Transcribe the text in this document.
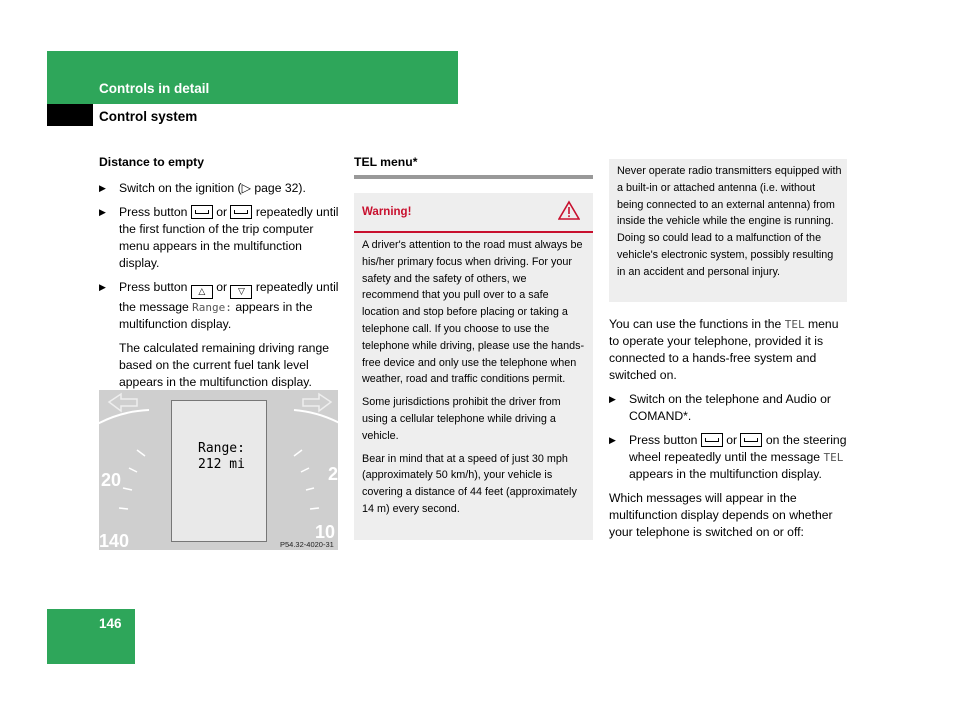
Controls in detail
Control system
Distance to empty
▶ Switch on the ignition (▷ page 32).
▶ Press button or repeatedly until the first function of the trip computer menu appears in the multifunction display.
▶ Press button △ or ▽ repeatedly until the message Range: appears in the multifunction display.
The calculated remaining driving range based on the current fuel tank level appears in the multifunction display.
20
140
2
10
Range:
212 mi
P54.32-4020-31
TEL menu*
Warning!

A driver's attention to the road must always be his/her primary focus when driving. For your safety and the safety of others, we recommend that you pull over to a safe location and stop before placing or taking a telephone call. If you choose to use the telephone while driving, please use the hands-free device and only use the telephone when weather, road and traffic conditions permit.

Some jurisdictions prohibit the driver from using a cellular telephone while driving a vehicle.

Bear in mind that at a speed of just 30 mph (approximately 50 km/h), your vehicle is covering a distance of 44 feet (approximately 14 m) every second.

Never operate radio transmitters equipped with a built-in or attached antenna (i.e. without being connected to an external antenna) from inside the vehicle while the engine is running. Doing so could lead to a malfunction of the vehicle's electronic system, possibly resulting in an accident and personal injury.

You can use the functions in the TEL menu to operate your telephone, provided it is connected to a hands-free system and switched on.

▶ Switch on the telephone and Audio or COMAND*.
▶ Press button or on the steering wheel repeatedly until the message TEL appears in the multifunction display.

Which messages will appear in the multifunction display depends on whether your telephone is switched on or off:

146
